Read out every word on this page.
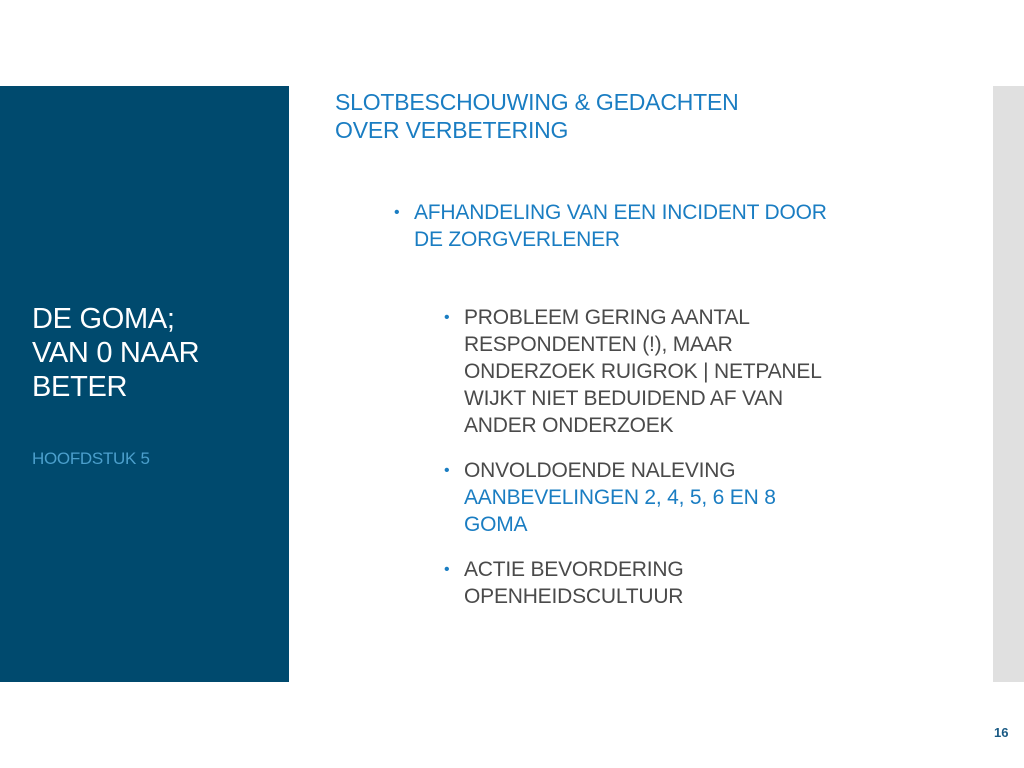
DE GOMA;
VAN 0 NAAR
BETER
HOOFDSTUK 5
SLOTBESCHOUWING & GEDACHTEN
OVER VERBETERING
• AFHANDELING VAN EEN INCIDENT DOOR
DE ZORGVERLENER
• PROBLEEM GERING AANTAL
RESPONDENTEN (!), MAAR
ONDERZOEK RUIGROK | NETPANEL
WIJKT NIET BEDUIDEND AF VAN
ANDER ONDERZOEK
• ONVOLDOENDE NALEVING
AANBEVELINGEN 2, 4, 5, 6 EN 8
GOMA
• ACTIE BEVORDERING
OPENHEIDSCULTUUR
16
